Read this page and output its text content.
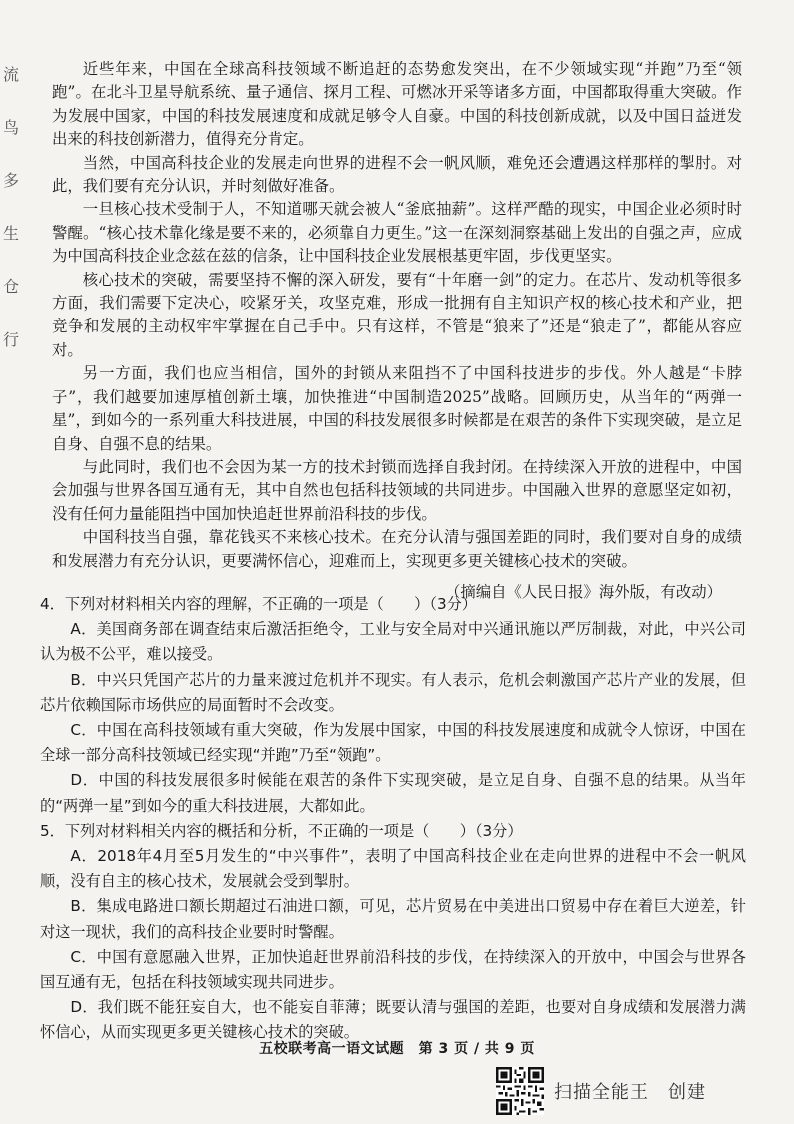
流
鸟
多
生
仓
行

近些年来，中国在全球高科技领域不断追赶的态势愈发突出，在不少领域实现“并跑”乃至“领跑”。在北斗卫星导航系统、量子通信、探月工程、可燃冰开采等诸多方面，中国都取得重大突破。作为发展中国家，中国的科技发展速度和成就足够令人自豪。中国的科技创新成就，以及中国日益迸发出来的科技创新潜力，值得充分肯定。

当然，中国高科技企业的发展走向世界的进程不会一帆风顺，难免还会遭遇这样那样的掣肘。对此，我们要有充分认识，并时刻做好准备。

一旦核心技术受制于人，不知道哪天就会被人“釜底抽薪”。这样严酷的现实，中国企业必须时时警醒。“核心技术靠化缘是要不来的，必须靠自力更生。”这一在深刻洞察基础上发出的自强之声，应成为中国高科技企业念兹在兹的信条，让中国科技企业发展根基更牢固，步伐更坚实。

核心技术的突破，需要坚持不懈的深入研发，要有“十年磨一剑”的定力。在芯片、发动机等很多方面，我们需要下定决心，咬紧牙关，攻坚克难，形成一批拥有自主知识产权的核心技术和产业，把竞争和发展的主动权牢牢掌握在自己手中。只有这样，不管是“狼来了”还是“狼走了”，都能从容应对。

另一方面，我们也应当相信，国外的封锁从来阻挡不了中国科技进步的步伐。外人越是“卡脖子”，我们越要加速厚植创新土壤，加快推进“中国制造2025”战略。回顾历史，从当年的“两弹一星”，到如今的一系列重大科技进展，中国的科技发展很多时候都是在艰苦的条件下实现突破，是立足自身、自强不息的结果。

与此同时，我们也不会因为某一方的技术封锁而选择自我封闭。在持续深入开放的进程中，中国会加强与世界各国互通有无，其中自然也包括科技领域的共同进步。中国融入世界的意愿坚定如初，没有任何力量能阻挡中国加快追赶世界前沿科技的步伐。

中国科技当自强，靠花钱买不来核心技术。在充分认清与强国差距的同时，我们要对自身的成绩和发展潜力有充分认识，更要满怀信心，迎难而上，实现更多更关键核心技术的突破。

（摘编自《人民日报》海外版，有改动）

4．下列对材料相关内容的理解，不正确的一项是（　　）（3分）

A．美国商务部在调查结束后激活拒绝令，工业与安全局对中兴通讯施以严厉制裁，对此，中兴公司认为极不公平，难以接受。

B．中兴只凭国产芯片的力量来渡过危机并不现实。有人表示，危机会刺激国产芯片产业的发展，但芯片依赖国际市场供应的局面暂时不会改变。

C．中国在高科技领域有重大突破，作为发展中国家，中国的科技发展速度和成就令人惊讶，中国在全球一部分高科技领域已经实现“并跑”乃至“领跑”。

D．中国的科技发展很多时候能在艰苦的条件下实现突破，是立足自身、自强不息的结果。从当年的“两弹一星”到如今的重大科技进展，大都如此。

5．下列对材料相关内容的概括和分析，不正确的一项是（　　）（3分）

A．2018年4月至5月发生的“中兴事件”，表明了中国高科技企业在走向世界的进程中不会一帆风顺，没有自主的核心技术，发展就会受到掣肘。

B．集成电路进口额长期超过石油进口额，可见，芯片贸易在中美进出口贸易中存在着巨大逆差，针对这一现状，我们的高科技企业要时时警醒。

C．中国有意愿融入世界，正加快追赶世界前沿科技的步伐，在持续深入的开放中，中国会与世界各国互通有无，包括在科技领域实现共同进步。

D．我们既不能狂妄自大，也不能妄自菲薄；既要认清与强国的差距，也要对自身成绩和发展潜力满怀信心，从而实现更多更关键核心技术的突破。

五校联考高一语文试题　第 3 页 / 共 9 页
扫描全能王　创建
